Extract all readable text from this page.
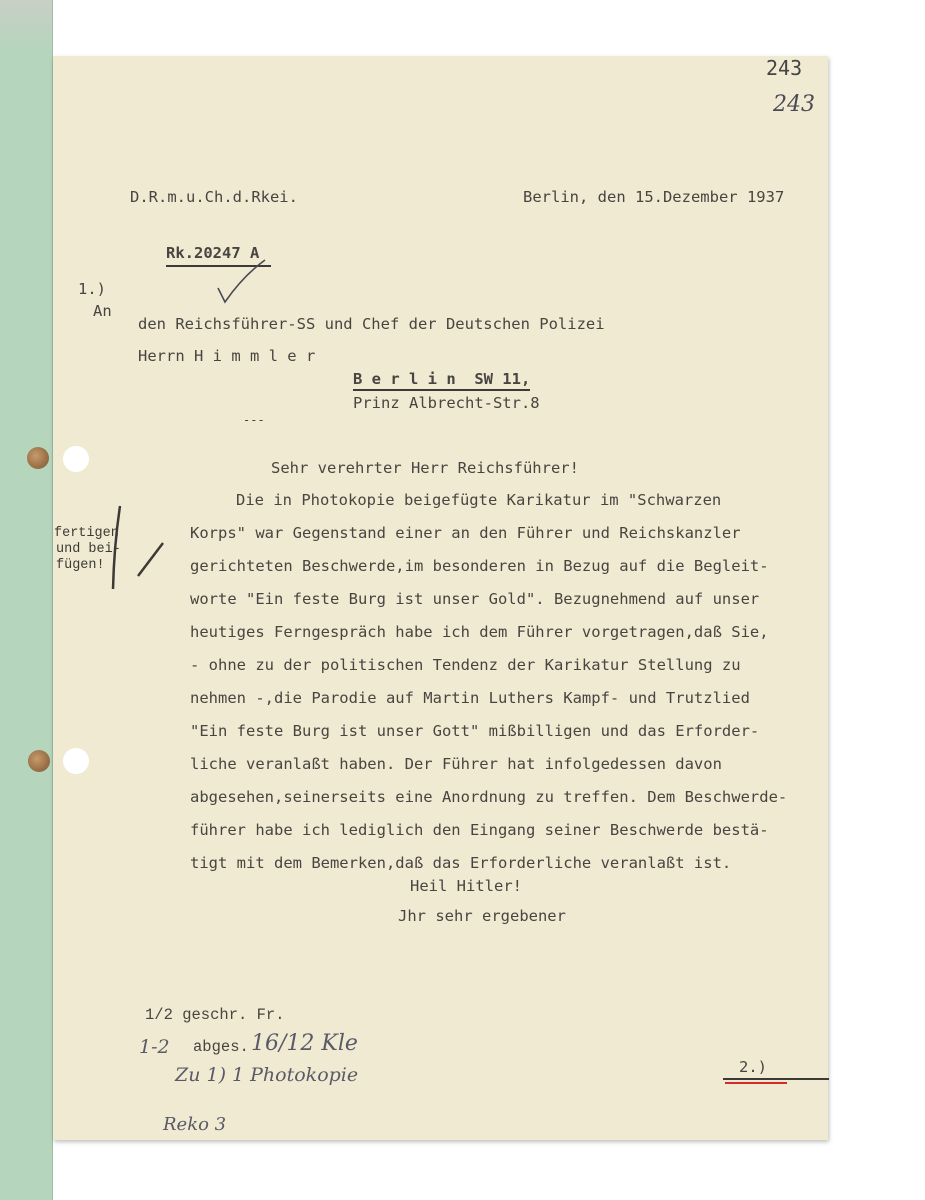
243
243
D.R.m.u.Ch.d.Rkei.	Berlin, den 15.Dezember 1937
Rk.20247 A
1.)
An
den Reichsführer-SS und Chef der Deutschen Polizei
Herrn H i m m l e r
B e r l i n  SW 11,
Prinz Albrecht-Str.8
---
fertigen
und bei-
fügen!
Sehr verehrter Herr Reichsführer!
Die in Photokopie beigefügte Karikatur im "Schwarzen
Korps" war Gegenstand einer an den Führer und Reichskanzler
gerichteten Beschwerde,im besonderen in Bezug auf die Begleit-
worte "Ein feste Burg ist unser Gold". Bezugnehmend auf unser
heutiges Ferngespräch habe ich dem Führer vorgetragen,daß Sie,
- ohne zu der politischen Tendenz der Karikatur Stellung zu
nehmen -,die Parodie auf Martin Luthers Kampf- und Trutzlied
"Ein feste Burg ist unser Gott" mißbilligen und das Erforder-
liche veranlaßt haben. Der Führer hat infolgedessen davon
abgesehen,seinerseits eine Anordnung zu treffen. Dem Beschwerde-
führer habe ich lediglich den Eingang seiner Beschwerde bestä-
tigt mit dem Bemerken,daß das Erforderliche veranlaßt ist.
Heil Hitler!
Jhr sehr ergebener
1/2 geschr. Fr.
1-2 abges. 16/12 Kle
Zu 1) 1 Photokopie
Reko 3
2.)
